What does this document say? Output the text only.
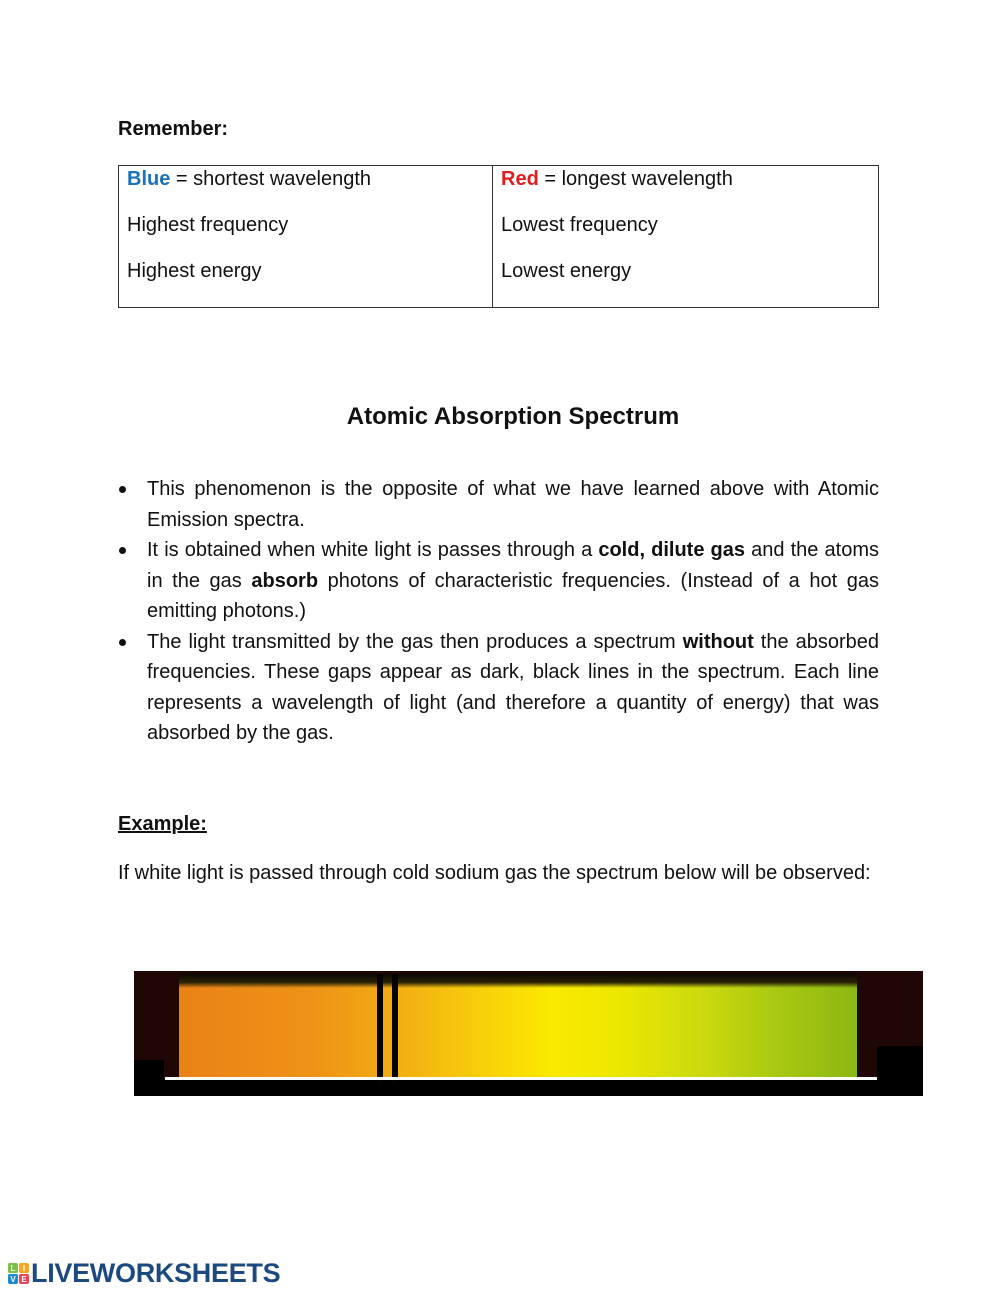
Remember:
Blue = shortest wavelength
Highest frequency
Highest energy
Red = longest wavelength
Lowest frequency
Lowest energy
Atomic Absorption Spectrum
This phenomenon is the opposite of what we have learned above with Atomic Emission spectra.
It is obtained when white light is passes through a cold, dilute gas and the atoms in the gas absorb photons of characteristic frequencies. (Instead of a hot gas emitting photons.)
The light transmitted by the gas then produces a spectrum without the absorbed frequencies. These gaps appear as dark, black lines in the spectrum. Each line represents a wavelength of light (and therefore a quantity of energy) that was absorbed by the gas.
Example:
If white light is passed through cold sodium gas the spectrum below will be observed:
L I
V E LIVEWORKSHEETS
